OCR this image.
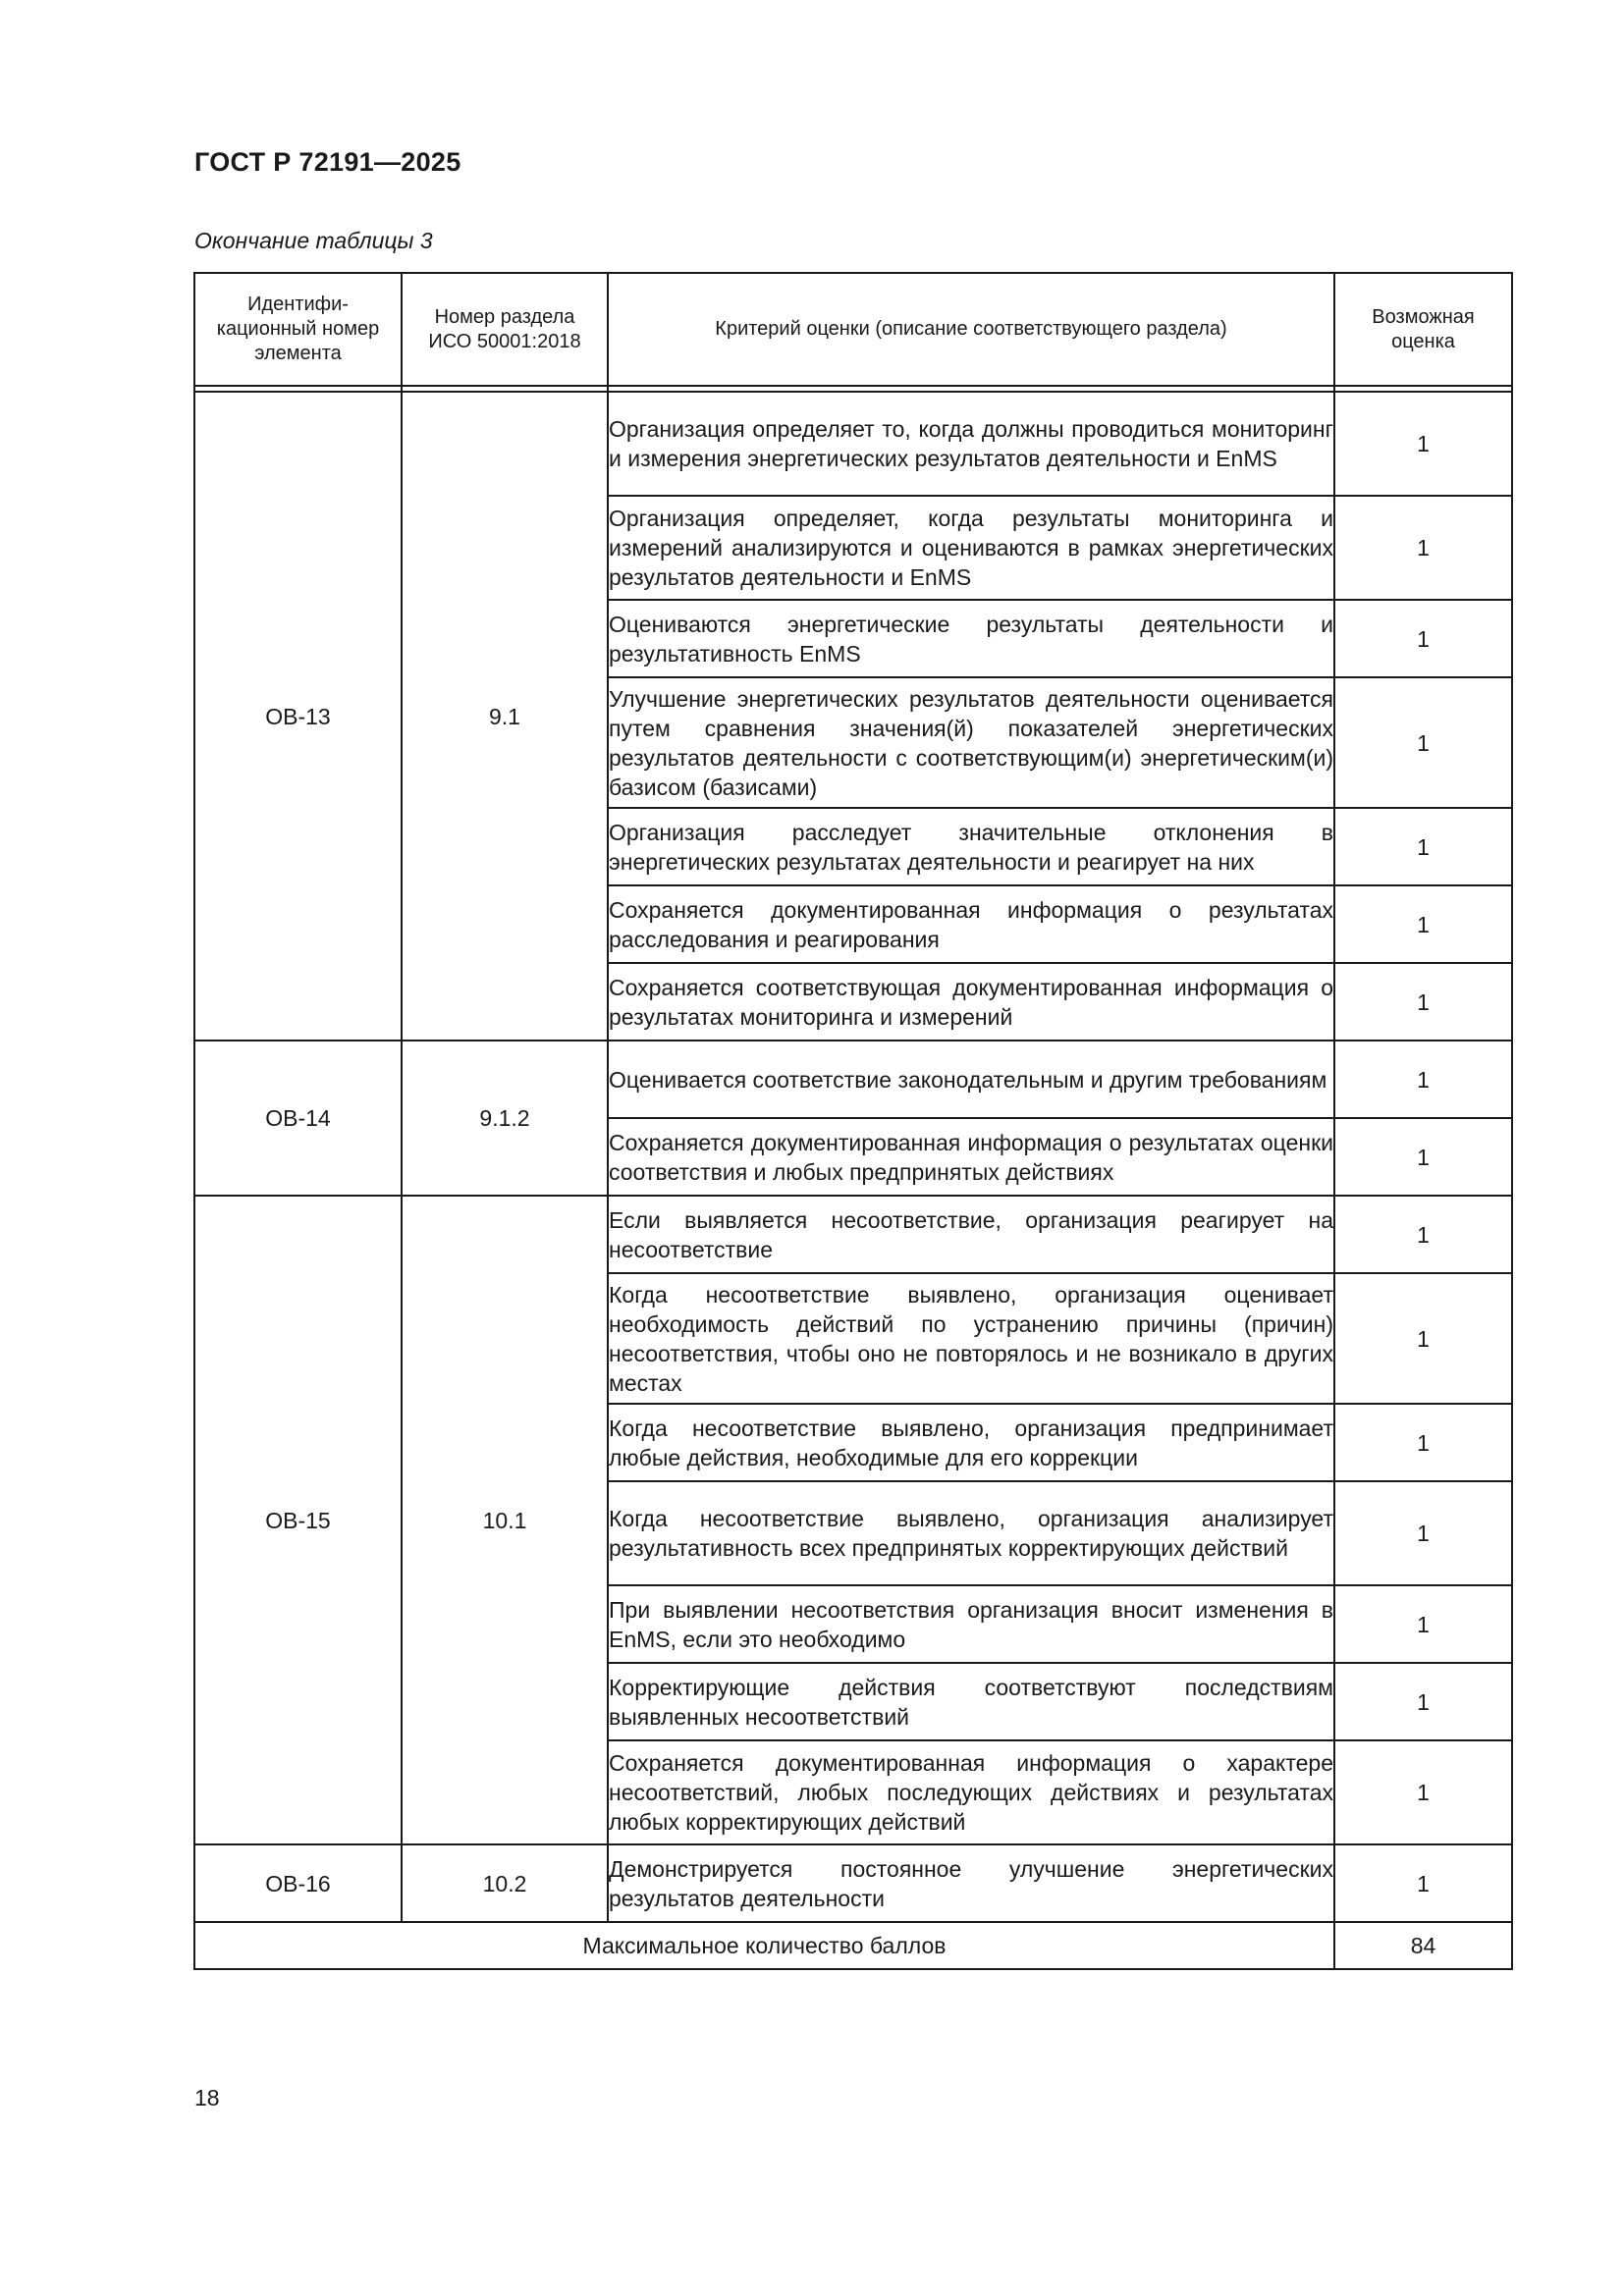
ГОСТ Р 72191—2025
Окончание таблицы 3
Идентифи-кационный номер элемента	Номер раздела ИСО 50001:2018	Критерий оценки (описание соответствующего раздела)	Возможная оценка

ОВ-13	9.1	Организация определяет то, когда должны проводиться мониторинг и измерения энергетических результатов деятельности и EnMS	1
		Организация определяет, когда результаты мониторинга и измерений анализируются и оцениваются в рамках энергетических результатов деятельности и EnMS	1
		Оцениваются энергетические результаты деятельности и результативность EnMS	1
		Улучшение энергетических результатов деятельности оценивается путем сравнения значения(й) показателей энергетических результатов деятельности с соответствующим(и) энергетическим(и) базисом (базисами)	1
		Организация расследует значительные отклонения в энергетических результатах деятельности и реагирует на них	1
		Сохраняется документированная информация о результатах расследования и реагирования	1
		Сохраняется соответствующая документированная информация о результатах мониторинга и измерений	1
ОВ-14	9.1.2	Оценивается соответствие законодательным и другим требованиям	1
		Сохраняется документированная информация о результатах оценки соответствия и любых предпринятых действиях	1
ОВ-15	10.1	Если выявляется несоответствие, организация реагирует на несоответствие	1
		Когда несоответствие выявлено, организация оценивает необходимость действий по устранению причины (причин) несоответствия, чтобы оно не повторялось и не возникало в других местах	1
		Когда несоответствие выявлено, организация предпринимает любые действия, необходимые для его коррекции	1
		Когда несоответствие выявлено, организация анализирует результативность всех предпринятых корректирующих действий	1
		При выявлении несоответствия организация вносит изменения в EnMS, если это необходимо	1
		Корректирующие действия соответствуют последствиям выявленных несоответствий	1
		Сохраняется документированная информация о характере несоответствий, любых последующих действиях и результатах любых корректирующих действий	1
ОВ-16	10.2	Демонстрируется постоянное улучшение энергетических результатов деятельности	1
Максимальное количество баллов			84
18
